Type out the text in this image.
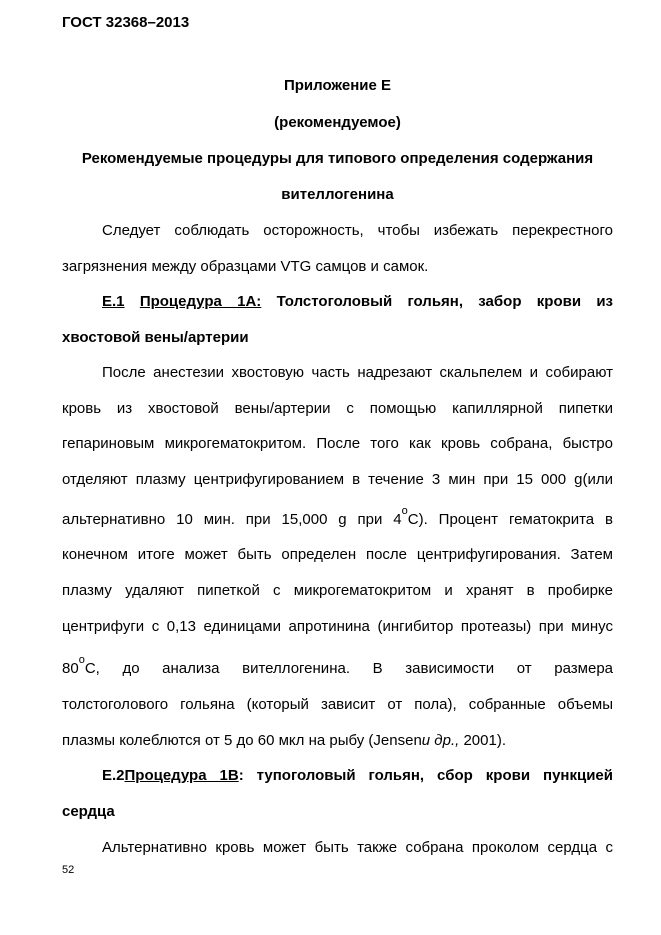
ГОСТ 32368–2013
Приложение Е
(рекомендуемое)
Рекомендуемые процедуры для типового определения содержания
вителлогенина
Следует соблюдать осторожность, чтобы избежать перекрестного
загрязнения между образцами VTG самцов и самок.
Е.1 Процедура 1А: Толстоголовый гольян, забор крови из
хвостовой вены/артерии
После анестезии хвостовую часть надрезают скальпелем и собирают
кровь из хвостовой вены/артерии с помощью капиллярной пипетки
гепариновым микрогематокритом. После того как кровь собрана, быстро
отделяют плазму центрифугированием в течение 3 мин при 15 000 g(или
альтернативно 10 мин. при 15,000 g при 4$^o$С). Процент гематокрита в
конечном итоге может быть определен после центрифугирования. Затем
плазму удаляют пипеткой с микрогематокритом и хранят в пробирке
центрифуги с 0,13 единицами апротинина (ингибитор протеазы) при минус
80$^o$С, до анализа вителлогенина. В зависимости от размера
толстоголового гольяна (который зависит от пола), собранные объемы
плазмы колеблются от 5 до 60 мкл на рыбу (Jensenи др., 2001).
Е.2Процедура 1В: тупоголовый гольян, сбор крови пункцией
сердца
Альтернативно кровь может быть также собрана проколом сердца с
52
